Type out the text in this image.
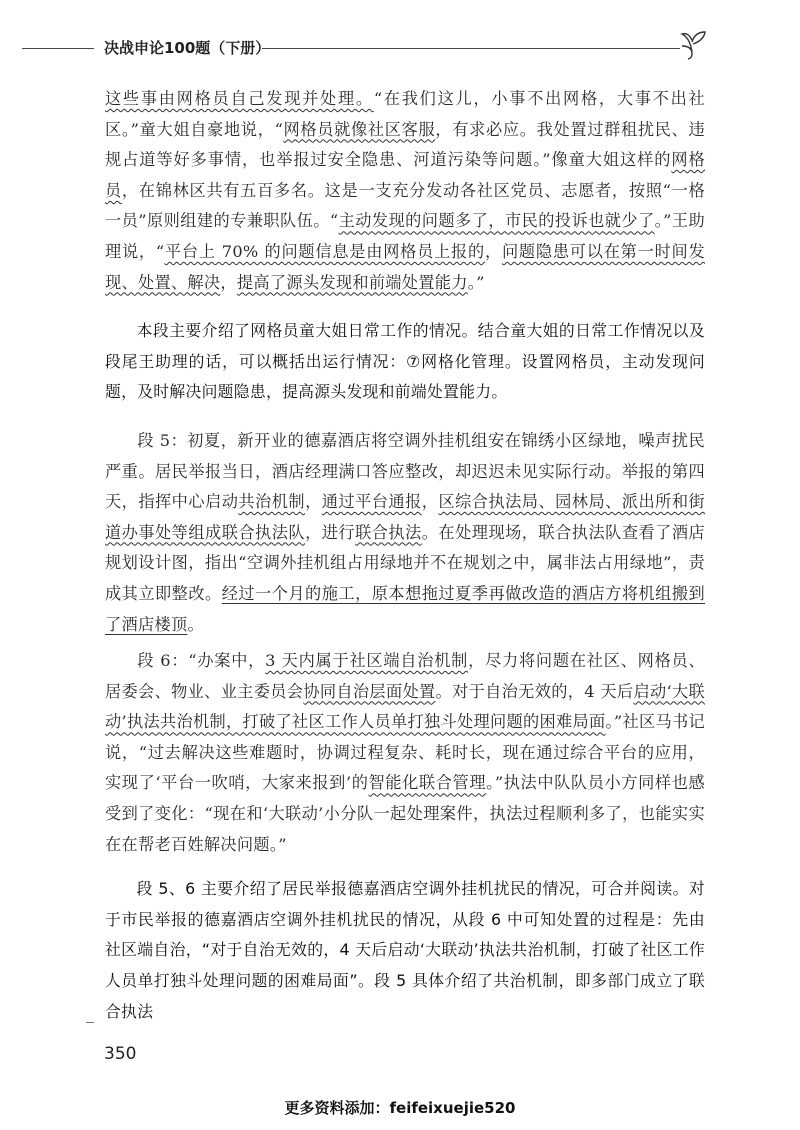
决战申论100题（下册）

这些事由网格员自己发现并处理。“在我们这儿，小事不出网格，大事不出社区。”童大姐自豪地说，“网格员就像社区客服，有求必应。我处置过群租扰民、违规占道等好多事情，也举报过安全隐患、河道污染等问题。”像童大姐这样的网格员，在锦林区共有五百多名。这是一支充分发动各社区党员、志愿者，按照“一格一员”原则组建的专兼职队伍。“主动发现的问题多了，市民的投诉也就少了。”王助理说，“平台上 70% 的问题信息是由网格员上报的，问题隐患可以在第一时间发现、处置、解决，提高了源头发现和前端处置能力。”

本段主要介绍了网格员童大姐日常工作的情况。结合童大姐的日常工作情况以及段尾王助理的话，可以概括出运行情况：⑦网格化管理。设置网格员，主动发现问题，及时解决问题隐患，提高源头发现和前端处置能力。

段 5：初夏，新开业的德嘉酒店将空调外挂机组安在锦绣小区绿地，噪声扰民严重。居民举报当日，酒店经理满口答应整改，却迟迟未见实际行动。举报的第四天，指挥中心启动共治机制，通过平台通报，区综合执法局、园林局、派出所和街道办事处等组成联合执法队，进行联合执法。在处理现场，联合执法队查看了酒店规划设计图，指出“空调外挂机组占用绿地并不在规划之中，属非法占用绿地”，责成其立即整改。经过一个月的施工，原本想拖过夏季再做改造的酒店方将机组搬到了酒店楼顶。

段 6：“办案中，3 天内属于社区端自治机制，尽力将问题在社区、网格员、居委会、物业、业主委员会协同自治层面处置。对于自治无效的，4 天后启动‘大联动’执法共治机制，打破了社区工作人员单打独斗处理问题的困难局面。”社区马书记说，“过去解决这些难题时，协调过程复杂、耗时长，现在通过综合平台的应用，实现了‘平台一吹哨，大家来报到’的智能化联合管理。”执法中队队员小方同样也感受到了变化：“现在和‘大联动’小分队一起处理案件，执法过程顺利多了，也能实实在在帮老百姓解决问题。”

段 5、6 主要介绍了居民举报德嘉酒店空调外挂机扰民的情况，可合并阅读。对于市民举报的德嘉酒店空调外挂机扰民的情况，从段 6 中可知处置的过程是：先由社区端自治，“对于自治无效的，4 天后启动‘大联动’执法共治机制，打破了社区工作人员单打独斗处理问题的困难局面”。段 5 具体介绍了共治机制，即多部门成立了联合执法

350
更多资料添加：feifeixuejie520
